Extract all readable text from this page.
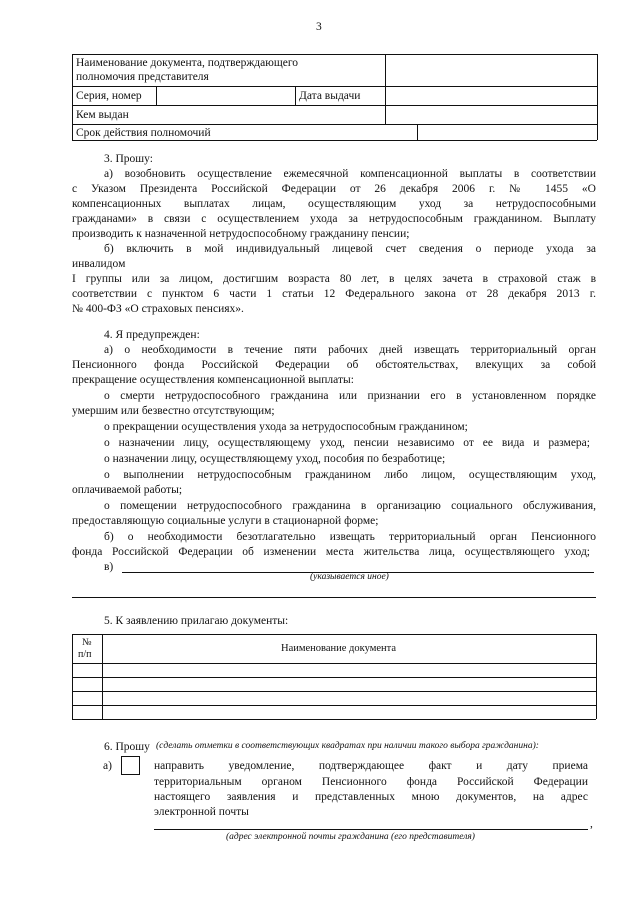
3
Наименование документа, подтверждающего
полномочия представителя
Серия, номер	Дата выдачи
Кем выдан
Срок действия полномочий
3. Прошу:
а) возобновить осуществление ежемесячной компенсационной выплаты в соответствии
с Указом Президента Российской Федерации от 26 декабря 2006 г. № 1455 «О
компенсационных выплатах лицам, осуществляющим уход за нетрудоспособными
гражданами» в связи с осуществлением ухода за нетрудоспособным гражданином. Выплату
производить к назначенной нетрудоспособному гражданину пенсии;
б) включить в мой индивидуальный лицевой счет сведения о периоде ухода за
инвалидом
I группы или за лицом, достигшим возраста 80 лет, в целях зачета в страховой стаж в
соответствии с пунктом 6 части 1 статьи 12 Федерального закона от 28 декабря 2013 г.
№ 400-ФЗ «О страховых пенсиях».
4. Я предупрежден:
а) о необходимости в течение пяти рабочих дней извещать территориальный орган
Пенсионного фонда Российской Федерации об обстоятельствах, влекущих за собой
прекращение осуществления компенсационной выплаты:
о смерти нетрудоспособного гражданина или признании его в установленном порядке
умершим или безвестно отсутствующим;
о прекращении осуществления ухода за нетрудоспособным гражданином;
о назначении лицу, осуществляющему уход, пенсии независимо от ее вида и размера;
о назначении лицу, осуществляющему уход, пособия по безработице;
о выполнении нетрудоспособным гражданином либо лицом, осуществляющим уход,
оплачиваемой работы;
о помещении нетрудоспособного гражданина в организацию социального обслуживания,
предоставляющую социальные услуги в стационарной форме;
б) о необходимости безотлагательно извещать территориальный орган Пенсионного
фонда Российской Федерации об изменении места жительства лица, осуществляющего уход;
в)
(указывается иное)
5. К заявлению прилагаю документы:
№
п/п
Наименование документа
6. Прошу (сделать отметки в соответствующих квадратах при наличии такого выбора гражданина):
а)	направить уведомление, подтверждающее факт и дату приема
территориальным органом Пенсионного фонда Российской Федерации
настоящего заявления и представленных мною документов, на адрес
электронной почты
,
(адрес электронной почты гражданина (его представителя)
